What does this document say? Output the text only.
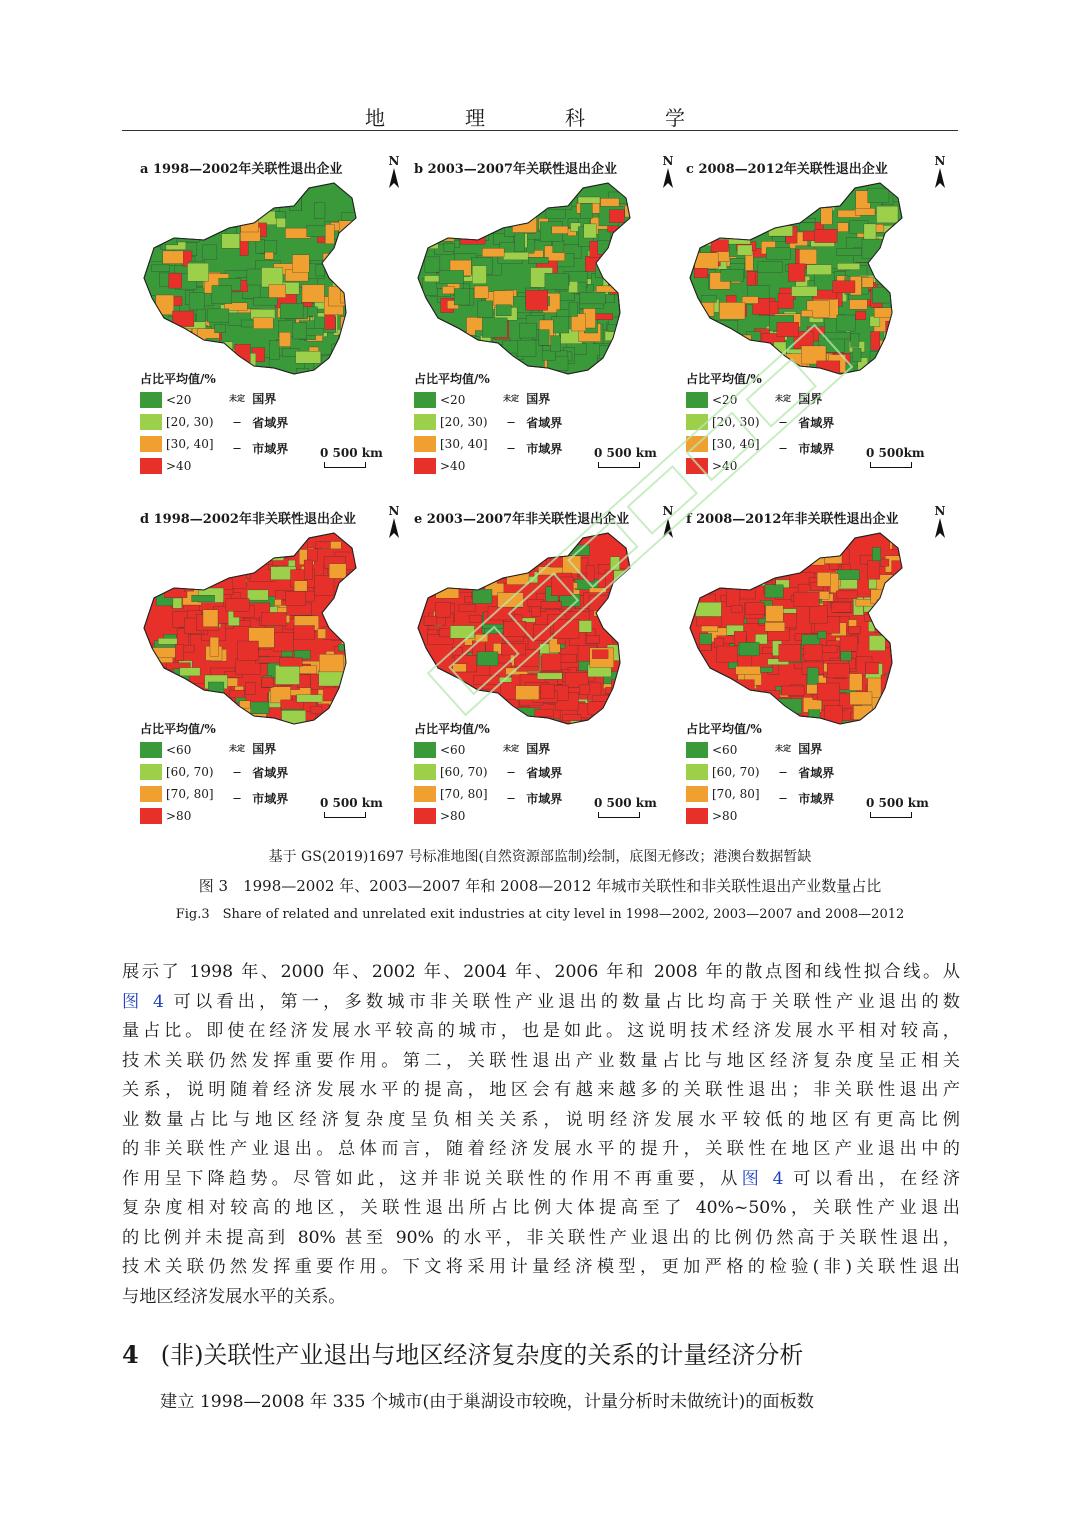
地　理　科　学
a 1998—2002年关联性退出企业
N
占比平均值/%
<20
[20, 30)
[30, 40]
>40
未定 国界
— 省域界
— 市域界	0 500 km
b 2003—2007年关联性退出企业
N
占比平均值/%
<20
[20, 30)
[30, 40]
>40
未定 国界
— 省域界
— 市域界	0 500 km
c 2008—2012年关联性退出企业
N
占比平均值/%
<20
[20, 30)
[30, 40]
>40
未定 国界
— 省域界
— 市域界	0 500km
d 1998—2002年非关联性退出企业
N
占比平均值/%
<60
[60, 70)
[70, 80]
>80
未定 国界
— 省域界
— 市域界	0 500 km
e 2003—2007年非关联性退出企业
N
占比平均值/%
<60
[60, 70)
[70, 80]
>80
未定 国界
— 省域界
— 市域界	0 500 km
f 2008—2012年非关联性退出企业
N
占比平均值/%
<60
[60, 70)
[70, 80]
>80
未定 国界
— 省域界
— 市域界	0 500 km
基于 GS(2019)1697 号标准地图(自然资源部监制)绘制，底图无修改；港澳台数据暂缺
图 3　1998—2002 年、2003—2007 年和 2008—2012 年城市关联性和非关联性退出产业数量占比
Fig.3　Share of related and unrelated exit industries at city level in 1998—2002, 2003—2007 and 2008—2012
展示了 1998 年、2000 年、2002 年、2004 年、2006 年和 2008 年的散点图和线性拟合线。从
图 4 可以看出，第一，多数城市非关联性产业退出的数量占比均高于关联性产业退出的数
量占比。即使在经济发展水平较高的城市，也是如此。这说明技术经济发展水平相对较高，
技术关联仍然发挥重要作用。第二，关联性退出产业数量占比与地区经济复杂度呈正相关
关系，说明随着经济发展水平的提高，地区会有越来越多的关联性退出；非关联性退出产
业数量占比与地区经济复杂度呈负相关关系，说明经济发展水平较低的地区有更高比例
的非关联性产业退出。总体而言，随着经济发展水平的提升，关联性在地区产业退出中的
作用呈下降趋势。尽管如此，这并非说关联性的作用不再重要，从图 4 可以看出，在经济
复杂度相对较高的地区，关联性退出所占比例大体提高至了 40%~50%，关联性产业退出
的比例并未提高到 80% 甚至 90% 的水平，非关联性产业退出的比例仍然高于关联性退出，
技术关联仍然发挥重要作用。下文将采用计量经济模型，更加严格的检验(非)关联性退出
与地区经济发展水平的关系。
4 (非)关联性产业退出与地区经济复杂度的关系的计量经济分析
建立 1998—2008 年 335 个城市(由于巢湖设市较晚，计量分析时未做统计)的面板数
